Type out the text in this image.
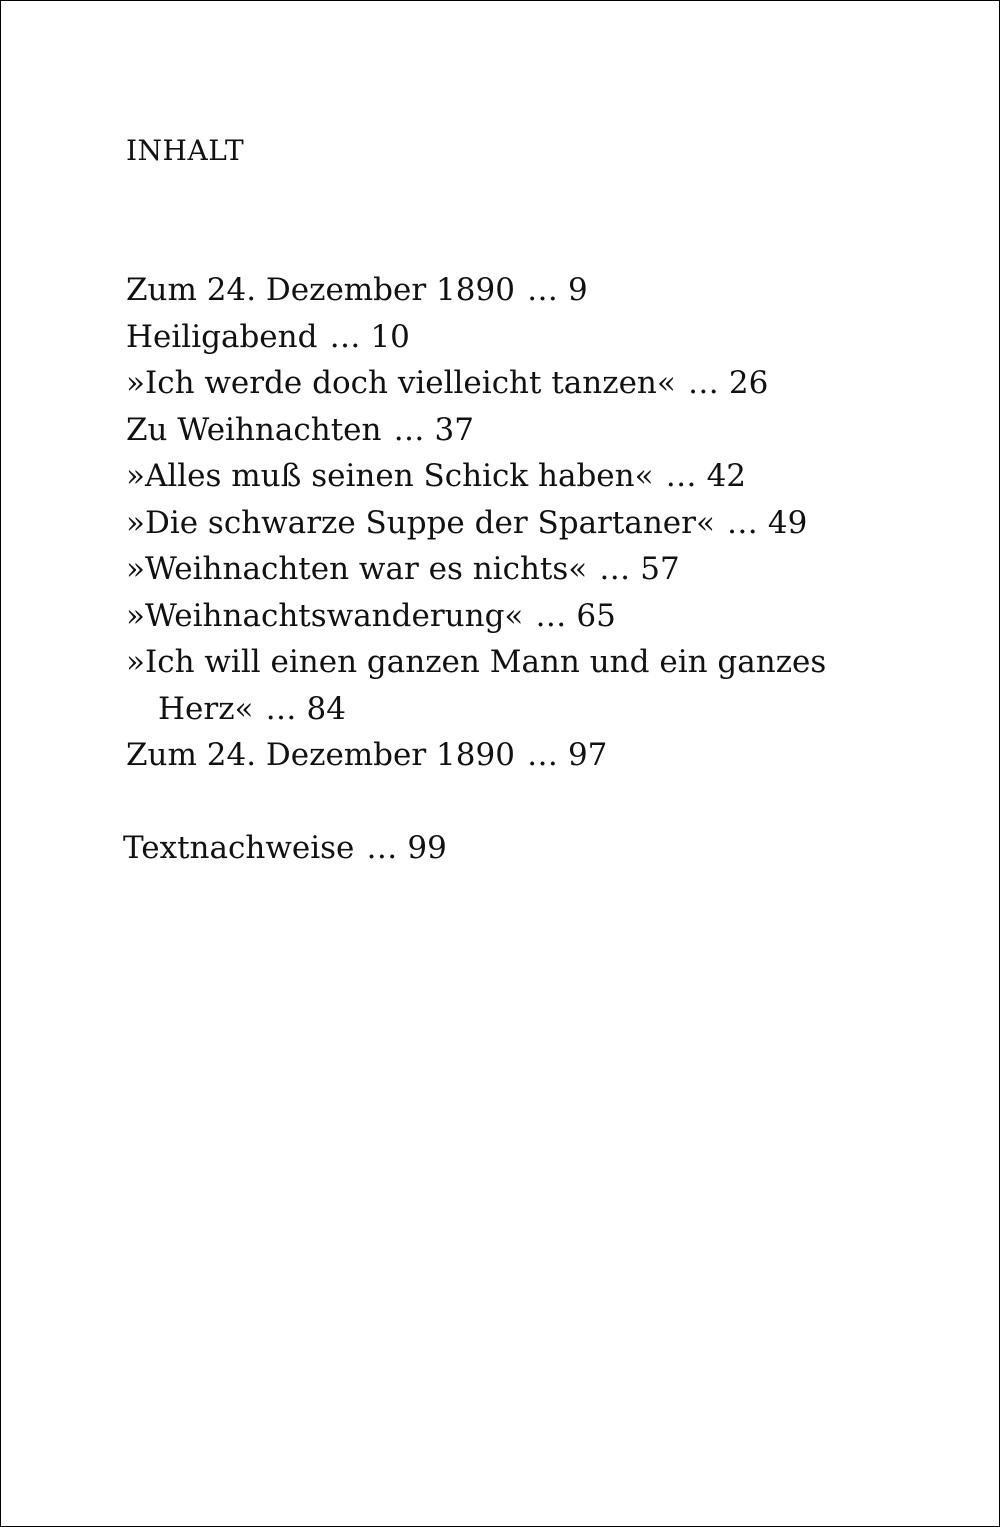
INHALT
Zum 24. Dezember 1890 … 9
Heiligabend … 10
»Ich werde doch vielleicht tanzen« … 26
Zu Weihnachten … 37
»Alles muß seinen Schick haben« … 42
»Die schwarze Suppe der Spartaner« … 49
»Weihnachten war es nichts« … 57
»Weihnachtswanderung« … 65
»Ich will einen ganzen Mann und ein ganzes
Herz« … 84
Zum 24. Dezember 1890 … 97
Textnachweise … 99
